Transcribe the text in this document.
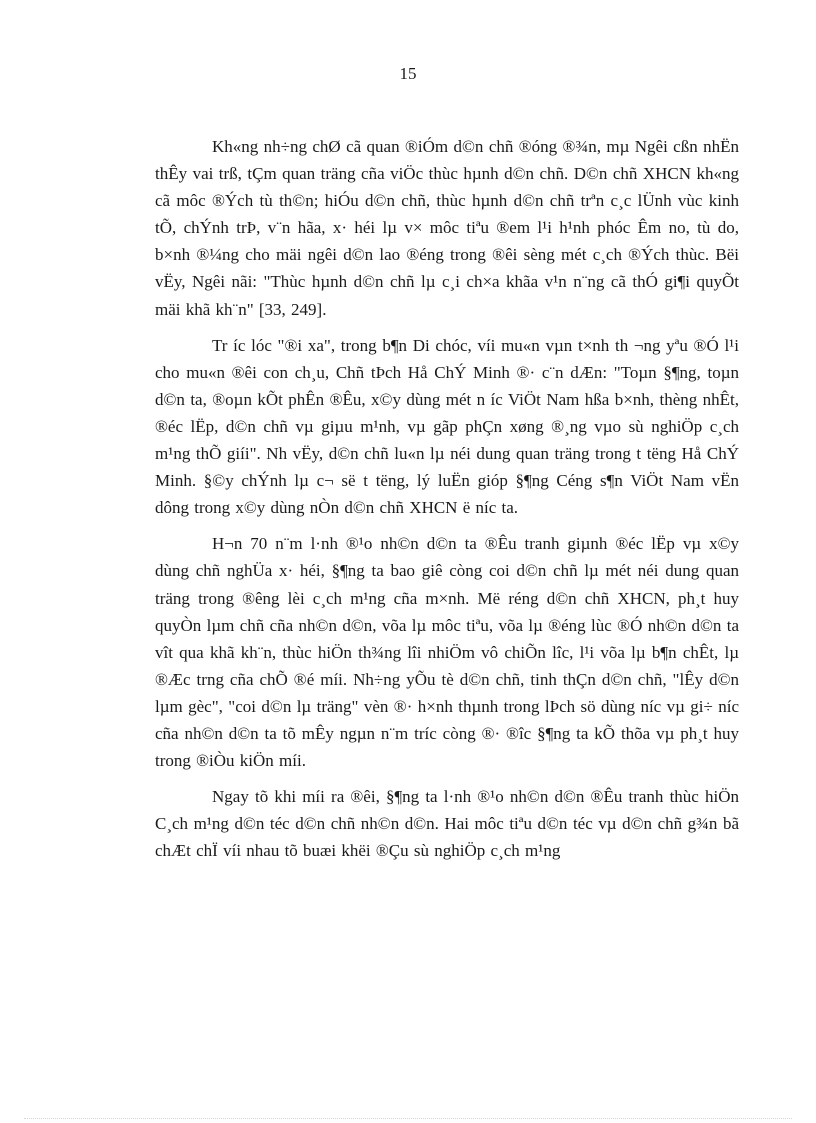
15

Kh«ng nh÷ng chØ cã quan ®iÓm d©n chñ ®óng ®¾n, mµ Ngêi cßn nhËn thÊy vai trß, tÇm quan träng cña viÖc thùc hµnh d©n chñ. D©n chñ XHCN kh«ng cã môc ®Ých tù th©n; hiÓu d©n chñ, thùc hµnh d©n chñ trªn c¸c lÜnh vùc kinh tÕ, chÝnh trÞ, v¨n hãa, x· héi lµ v× môc tiªu ®em l¹i h¹nh phóc Êm no, tù do, b×nh ®¼ng cho mäi ngêi d©n lao ®éng trong ®êi sèng mét c¸ch ®Ých thùc. Bëi vËy, Ngêi nãi: "Thùc hµnh d©n chñ lµ c¸i ch×a khãa v¹n n¨ng cã thÓ gi¶i quyÕt mäi khã kh¨n" [33, 249].

Tr íc lóc "®i xa", trong b¶n Di chóc, víi mu«n vµn t×nh th ¬ng yªu ®Ó l¹i cho mu«n ®êi con ch¸u, Chñ tÞch Hå ChÝ Minh ®· c¨n dÆn: "Toµn §¶ng, toµn d©n ta, ®oµn kÕt phÊn ®Êu, x©y dùng mét n íc ViÖt Nam hßa b×nh, thèng nhÊt, ®éc lËp, d©n chñ vµ giµu m¹nh, vµ gãp phÇn xøng ®¸ng vµo sù nghiÖp c¸ch m¹ng thÕ giíi". Nh vËy, d©n chñ lu«n lµ néi dung quan träng trong t tëng Hå ChÝ Minh. §©y chÝnh lµ c¬ së t tëng, lý luËn gióp §¶ng Céng s¶n ViÖt Nam vËn dông trong x©y dùng nÒn d©n chñ XHCN ë níc ta.

H¬n 70 n¨m l·nh ®¹o nh©n d©n ta ®Êu tranh giµnh ®éc lËp vµ x©y dùng chñ nghÜa x· héi, §¶ng ta bao giê còng coi d©n chñ lµ mét néi dung quan träng trong ®êng lèi c¸ch m¹ng cña m×nh. Më réng d©n chñ XHCN, ph¸t huy quyÒn lµm chñ cña nh©n d©n, võa lµ môc tiªu, võa lµ ®éng lùc ®Ó nh©n d©n ta vît qua khã kh¨n, thùc hiÖn th¾ng lîi nhiÖm vô chiÕn lîc, l¹i võa lµ b¶n chÊt, lµ ®Æc trng cña chÕ ®é míi. Nh÷ng yÕu tè d©n chñ, tinh thÇn d©n chñ, "lÊy d©n lµm gèc", "coi d©n lµ träng" vèn ®· h×nh thµnh trong lÞch sö dùng níc vµ gi÷ níc cña nh©n d©n ta tõ mÊy ngµn n¨m tríc còng ®· ®îc §¶ng ta kÕ thõa vµ ph¸t huy trong ®iÒu kiÖn míi.

Ngay tõ khi míi ra ®êi, §¶ng ta l·nh ®¹o nh©n d©n ®Êu tranh thùc hiÖn C¸ch m¹ng d©n téc d©n chñ nh©n d©n. Hai môc tiªu d©n téc vµ d©n chñ g¾n bã chÆt chÏ víi nhau tõ buæi khëi ®Çu sù nghiÖp c¸ch m¹ng
